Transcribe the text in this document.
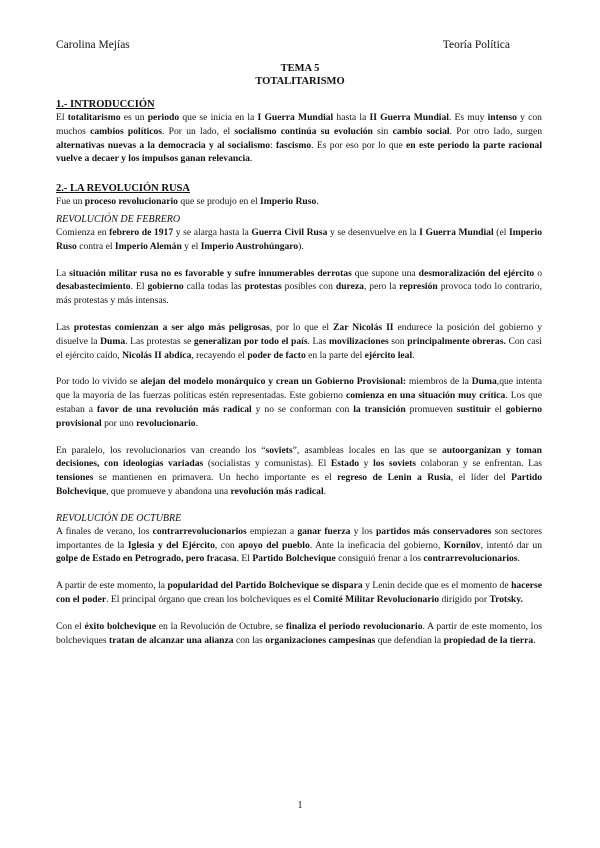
Carolina Mejías	Teoría Política
TEMA 5
TOTALITARISMO
1.- INTRODUCCIÓN

El totalitarismo es un periodo que se inicia en la I Guerra Mundial hasta la II Guerra Mundial. Es muy intenso y con muchos cambios políticos. Por un lado, el socialismo continúa su evolución sin cambio social. Por otro lado, surgen alternativas nuevas a la democracia y al socialismo: fascismo. Es por eso por lo que en este periodo la parte racional vuelve a decaer y los impulsos ganan relevancia.

2.- LA REVOLUCIÓN RUSA

Fue un proceso revolucionario que se produjo en el Imperio Ruso.

REVOLUCIÓN DE FEBRERO

Comienza en febrero de 1917 y se alarga hasta la Guerra Civil Rusa y se desenvuelve en la I Guerra Mundial (el Imperio Ruso contra el Imperio Alemán y el Imperio Austrohúngaro).

La situación militar rusa no es favorable y sufre innumerables derrotas que supone una desmoralización del ejército o desabastecimiento. El gobierno calla todas las protestas posibles con dureza, pero la represión provoca todo lo contrario, más protestas y más intensas.

Las protestas comienzan a ser algo más peligrosas, por lo que el Zar Nicolás II endurece la posición del gobierno y disuelve la Duma. Las protestas se generalizan por todo el país. Las movilizaciones son principalmente obreras. Con casi el ejército caído, Nicolás II abdica, recayendo el poder de facto en la parte del ejército leal.

Por todo lo vivido se alejan del modelo monárquico y crean un Gobierno Provisional: miembros de la Duma,que intenta que la mayoría de las fuerzas políticas estén representadas. Este gobierno comienza en una situación muy crítica. Los que estaban a favor de una revolución más radical y no se conforman con la transición promueven sustituir el gobierno provisional por uno revolucionario.

En paralelo, los revolucionarios van creando los “soviets”, asambleas locales en las que se autoorganizan y toman decisiones, con ideologías variadas (socialistas y comunistas). El Estado y los soviets colaboran y se enfrentan. Las tensiones se mantienen en primavera. Un hecho importante es el regreso de Lenin a Rusia, el líder del Partido Bolchevique, que promueve y abandona una revolución más radical.

REVOLUCIÓN DE OCTUBRE

A finales de verano, los contrarrevolucionarios empiezan a ganar fuerza y los partidos más conservadores son sectores importantes de la Iglesia y del Ejército, con apoyo del pueblo. Ante la ineficacia del gobierno, Kornílov, intentó dar un golpe de Estado en Petrogrado, pero fracasa. El Partido Bolchevique consiguió frenar a los contrarrevolucionarios.

A partir de este momento, la popularidad del Partido Bolchevique se dispara y Lenin decide que es el momento de hacerse con el poder. El principal órgano que crean los bolcheviques es el Comité Militar Revolucionario dirigido por Trotsky.

Con el éxito bolchevique en la Revolución de Octubre, se finaliza el periodo revolucionario. A partir de este momento, los bolcheviques tratan de alcanzar una alianza con las organizaciones campesinas que defendían la propiedad de la tierra.

1
